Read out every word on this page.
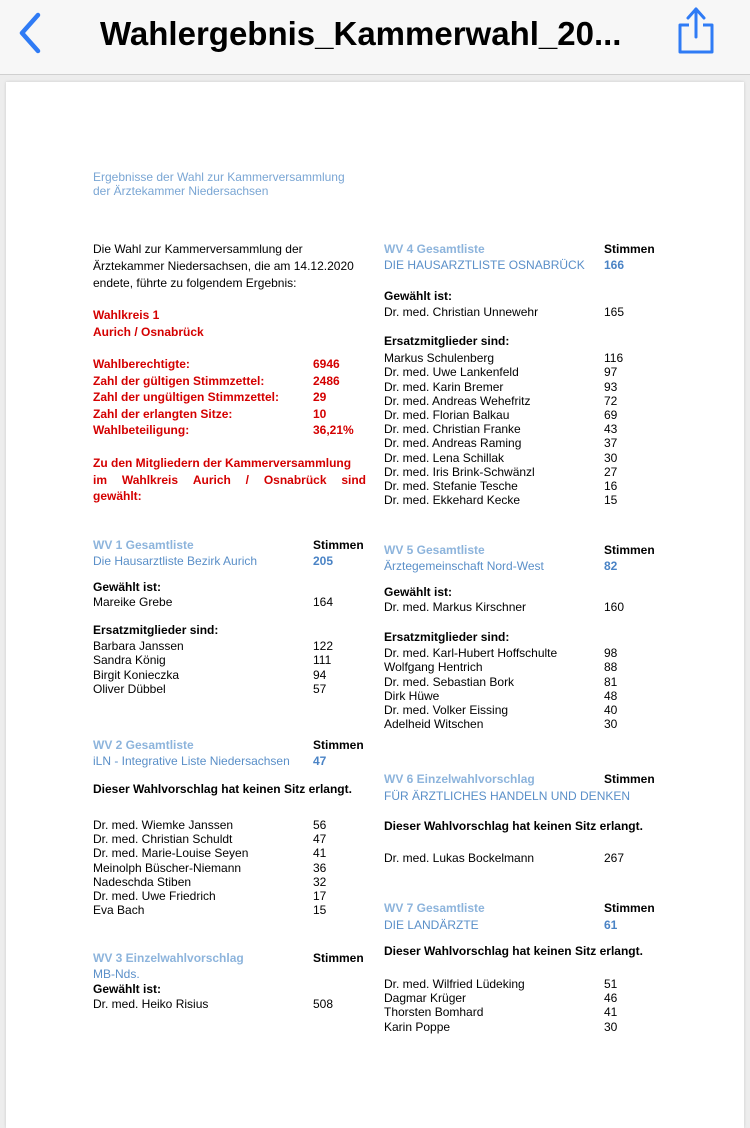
Wahlergebnis_Kammerwahl_20...
Ergebnisse der Wahl zur Kammerversammlung
der Ärztekammer Niedersachsen
Die Wahl zur Kammerversammlung der
Ärztekammer Niedersachsen, die am 14.12.2020
endete, führte zu folgendem Ergebnis:
Wahlkreis 1
Aurich / Osnabrück
Wahlberechtigte:	6946
Zahl der gültigen Stimmzettel:	2486
Zahl der ungültigen Stimmzettel:	29
Zahl der erlangten Sitze:	10
Wahlbeteiligung:	36,21%
Zu den Mitgliedern der Kammerversammlung
im Wahlkreis Aurich / Osnabrück sind
gewählt:
WV 1 Gesamtliste	Stimmen
Die Hausarztliste Bezirk Aurich	205
Gewählt ist:
Mareike Grebe	164
Ersatzmitglieder sind:
Barbara Janssen	122
Sandra König	111
Birgit Konieczka	94
Oliver Dübbel	57
WV 2 Gesamtliste	Stimmen
iLN - Integrative Liste Niedersachsen 47
Dieser Wahlvorschlag hat keinen Sitz erlangt.
Dr. med. Wiemke Janssen	56
Dr. med. Christian Schuldt	47
Dr. med. Marie-Louise Seyen	41
Meinolph Büscher-Niemann	36
Nadeschda Stiben	32
Dr. med. Uwe Friedrich	17
Eva Bach	15
WV 3 Einzelwahlvorschlag	Stimmen
MB-Nds.
Gewählt ist:
Dr. med. Heiko Risius	508
WV 4 Gesamtliste	Stimmen
DIE HAUSARZTLISTE OSNABRÜCK 166
Gewählt ist:
Dr. med. Christian Unnewehr	165
Ersatzmitglieder sind:
Markus Schulenberg	116
Dr. med. Uwe Lankenfeld	97
Dr. med. Karin Bremer	93
Dr. med. Andreas Wehefritz	72
Dr. med. Florian Balkau	69
Dr. med. Christian Franke	43
Dr. med. Andreas Raming	37
Dr. med. Lena Schillak	30
Dr. med. Iris Brink-Schwänzl	27
Dr. med. Stefanie Tesche	16
Dr. med. Ekkehard Kecke	15
WV 5 Gesamtliste	Stimmen
Ärztegemeinschaft Nord-West	82
Gewählt ist:
Dr. med. Markus Kirschner	160
Ersatzmitglieder sind:
Dr. med. Karl-Hubert Hoffschulte	98
Wolfgang Hentrich	88
Dr. med. Sebastian Bork	81
Dirk Hüwe	48
Dr. med. Volker Eissing	40
Adelheid Witschen	30
WV 6 Einzelwahlvorschlag	Stimmen
FÜR ÄRZTLICHES HANDELN UND DENKEN
Dieser Wahlvorschlag hat keinen Sitz erlangt.
Dr. med. Lukas Bockelmann	267
WV 7 Gesamtliste	Stimmen
DIE LANDÄRZTE	61
Dieser Wahlvorschlag hat keinen Sitz erlangt.
Dr. med. Wilfried Lüdeking	51
Dagmar Krüger	46
Thorsten Bomhard	41
Karin Poppe	30
